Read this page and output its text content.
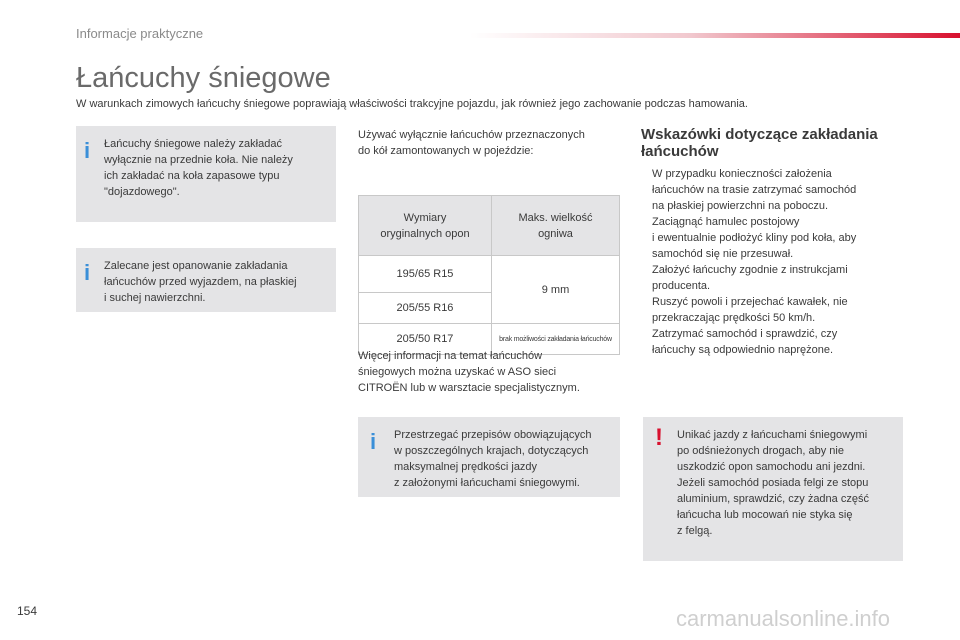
Informacje praktyczne
Łańcuchy śniegowe
W warunkach zimowych łańcuchy śniegowe poprawiają właściwości trakcyjne pojazdu, jak również jego zachowanie podczas hamowania.
i Łańcuchy śniegowe należy zakładać
wyłącznie na przednie koła. Nie należy
ich zakładać na koła zapasowe typu
"dojazdowego".
i Zalecane jest opanowanie zakładania
łańcuchów przed wyjazdem, na płaskiej
i suchej nawierzchni.
Używać wyłącznie łańcuchów przeznaczonych
do kół zamontowanych w pojeździe:
Wymiary
oryginalnych opon	Maks. wielkość
ogniwa
195/65 R15	9 mm
205/55 R16	
205/50 R17	brak możliwości zakładania łańcuchów
Więcej informacji na temat łańcuchów
śniegowych można uzyskać w ASO sieci
CITROËN lub w warsztacie specjalistycznym.
i Przestrzegać przepisów obowiązujących
w poszczególnych krajach, dotyczących
maksymalnej prędkości jazdy
z założonymi łańcuchami śniegowymi.
Wskazówki dotyczące zakładania
łańcuchów
W przypadku konieczności założenia
łańcuchów na trasie zatrzymać samochód
na płaskiej powierzchni na poboczu.
Zaciągnąć hamulec postojowy
i ewentualnie podłożyć kliny pod koła, aby
samochód się nie przesuwał.
Założyć łańcuchy zgodnie z instrukcjami
producenta.
Ruszyć powoli i przejechać kawałek, nie
przekraczając prędkości 50 km/h.
Zatrzymać samochód i sprawdzić, czy
łańcuchy są odpowiednio naprężone.
! Unikać jazdy z łańcuchami śniegowymi
po odśnieżonych drogach, aby nie
uszkodzić opon samochodu ani jezdni.
Jeżeli samochód posiada felgi ze stopu
aluminium, sprawdzić, czy żadna część
łańcucha lub mocowań nie styka się
z felgą.
154	carmanualsonline.info
